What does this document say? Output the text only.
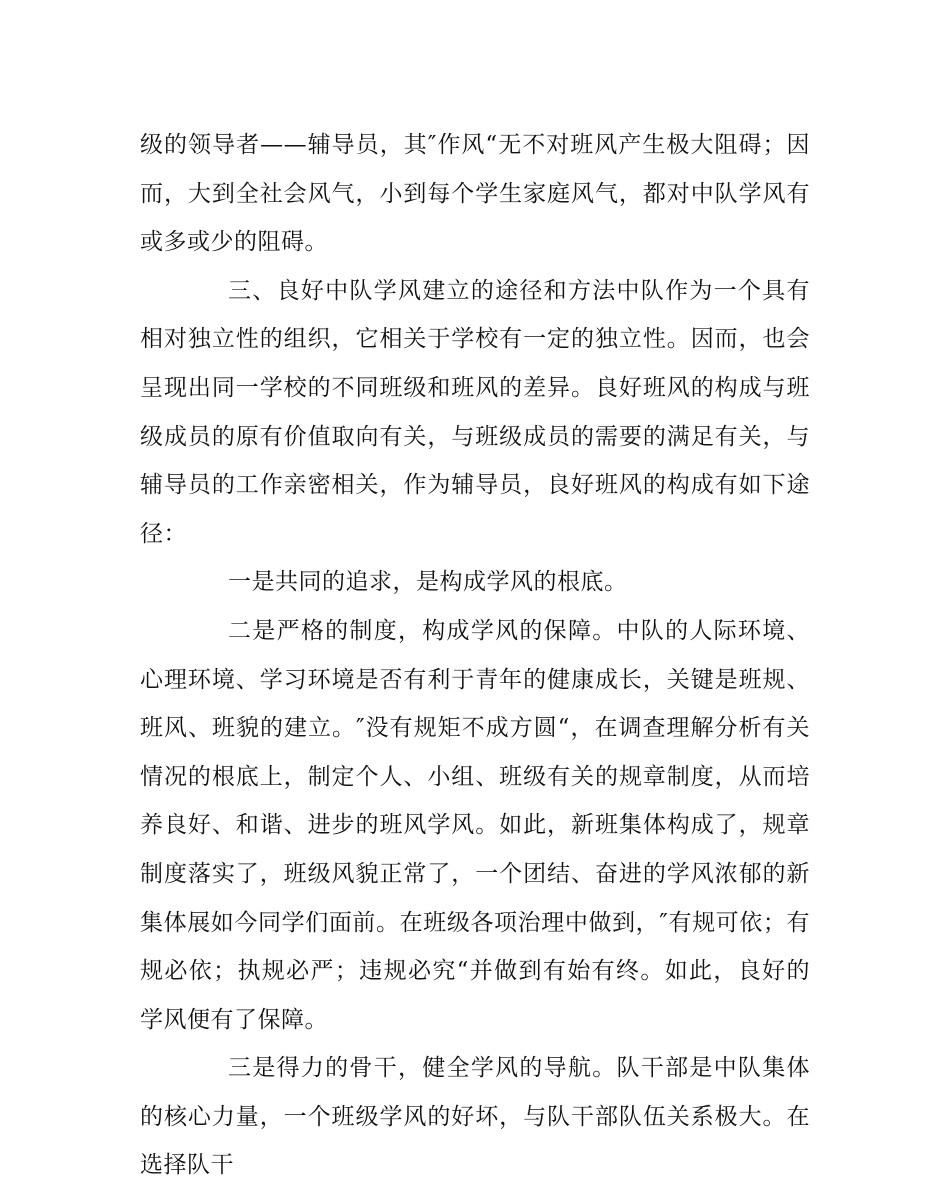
级的领导者——辅导员，其″作风“无不对班风产生极大阻碍；因而，大到全社会风气，小到每个学生家庭风气，都对中队学风有或多或少的阻碍。

三、良好中队学风建立的途径和方法中队作为一个具有相对独立性的组织，它相关于学校有一定的独立性。因而，也会呈现出同一学校的不同班级和班风的差异。良好班风的构成与班级成员的原有价值取向有关，与班级成员的需要的满足有关，与辅导员的工作亲密相关，作为辅导员，良好班风的构成有如下途径：

一是共同的追求，是构成学风的根底。

二是严格的制度，构成学风的保障。中队的人际环境、心理环境、学习环境是否有利于青年的健康成长，关键是班规、班风、班貌的建立。″没有规矩不成方圆“，在调查理解分析有关情况的根底上，制定个人、小组、班级有关的规章制度，从而培养良好、和谐、进步的班风学风。如此，新班集体构成了，规章制度落实了，班级风貌正常了，一个团结、奋进的学风浓郁的新集体展如今同学们面前。在班级各项治理中做到，″有规可依；有规必依；执规必严；违规必究“并做到有始有终。如此，良好的学风便有了保障。

三是得力的骨干，健全学风的导航。队干部是中队集体的核心力量，一个班级学风的好坏，与队干部队伍关系极大。在选择队干
